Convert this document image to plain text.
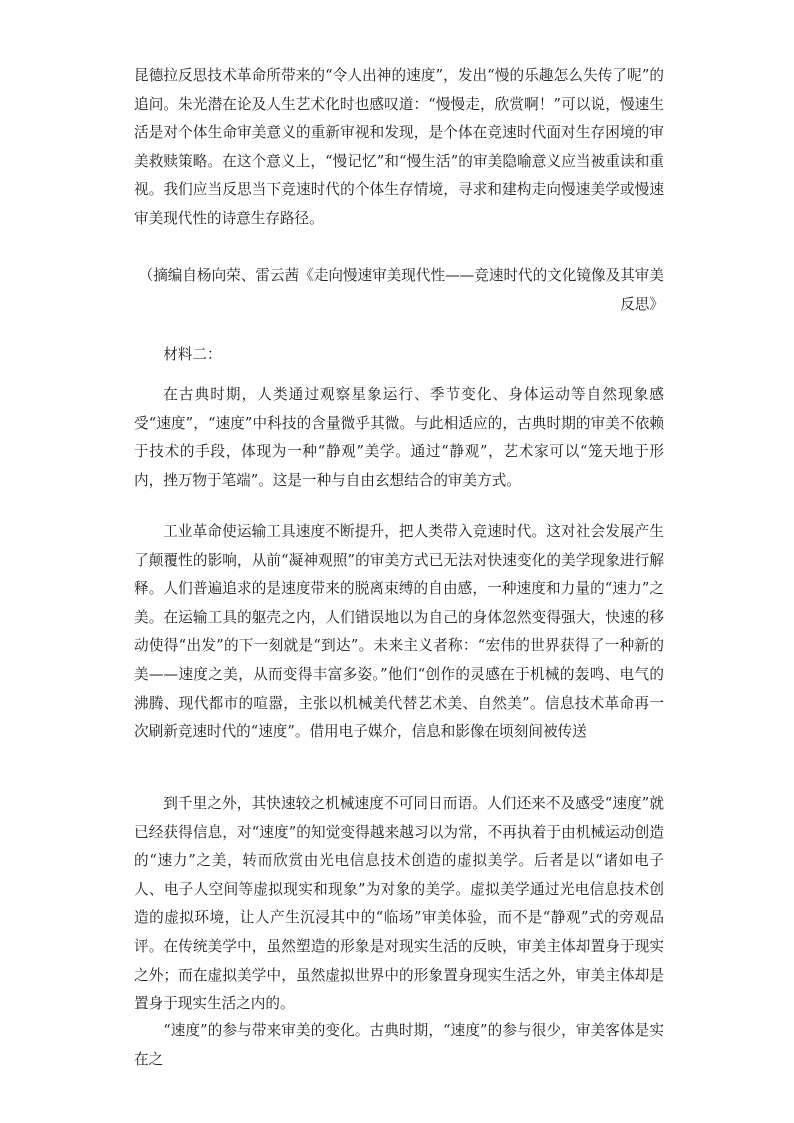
昆德拉反思技术革命所带来的“令人出神的速度”，发出“慢的乐趣怎么失传了呢”的追问。朱光潜在论及人生艺术化时也感叹道：“慢慢走，欣赏啊！”可以说，慢速生活是对个体生命审美意义的重新审视和发现，是个体在竞速时代面对生存困境的审美救赎策略。在这个意义上，“慢记忆”和“慢生活”的审美隐喻意义应当被重读和重视。我们应当反思当下竞速时代的个体生存情境，寻求和建构走向慢速美学或慢速审美现代性的诗意生存路径。

（摘编自杨向荣、雷云茜《走向慢速审美现代性——竞速时代的文化镜像及其审美反思》

材料二：

在古典时期，人类通过观察星象运行、季节变化、身体运动等自然现象感受“速度”，“速度”中科技的含量微乎其微。与此相适应的，古典时期的审美不依赖于技术的手段，体现为一种“静观”美学。通过“静观”，艺术家可以“笼天地于形内，挫万物于笔端”。这是一种与自由玄想结合的审美方式。

工业革命使运输工具速度不断提升，把人类带入竞速时代。这对社会发展产生了颠覆性的影响，从前“凝神观照”的审美方式已无法对快速变化的美学现象进行解释。人们普遍追求的是速度带来的脱离束缚的自由感，一种速度和力量的“速力”之美。在运输工具的躯壳之内，人们错误地以为自己的身体忽然变得强大，快速的移动使得“出发”的下一刻就是“到达”。未来主义者称：“宏伟的世界获得了一种新的美——速度之美，从而变得丰富多姿。”他们“创作的灵感在于机械的轰鸣、电气的沸腾、现代都市的喧嚣，主张以机械美代替艺术美、自然美”。信息技术革命再一次刷新竞速时代的“速度”。借用电子媒介，信息和影像在顷刻间被传送

到千里之外，其快速较之机械速度不可同日而语。人们还来不及感受“速度”就已经获得信息，对“速度”的知觉变得越来越习以为常，不再执着于由机械运动创造的“速力”之美，转而欣赏由光电信息技术创造的虚拟美学。后者是以“诸如电子人、电子人空间等虚拟现实和现象”为对象的美学。虚拟美学通过光电信息技术创造的虚拟环境，让人产生沉浸其中的“临场”审美体验，而不是“静观”式的旁观品评。在传统美学中，虽然塑造的形象是对现实生活的反映，审美主体却置身于现实之外；而在虚拟美学中，虽然虚拟世界中的形象置身现实生活之外，审美主体却是置身于现实生活之内的。

“速度”的参与带来审美的变化。古典时期，“速度”的参与很少，审美客体是实在之
